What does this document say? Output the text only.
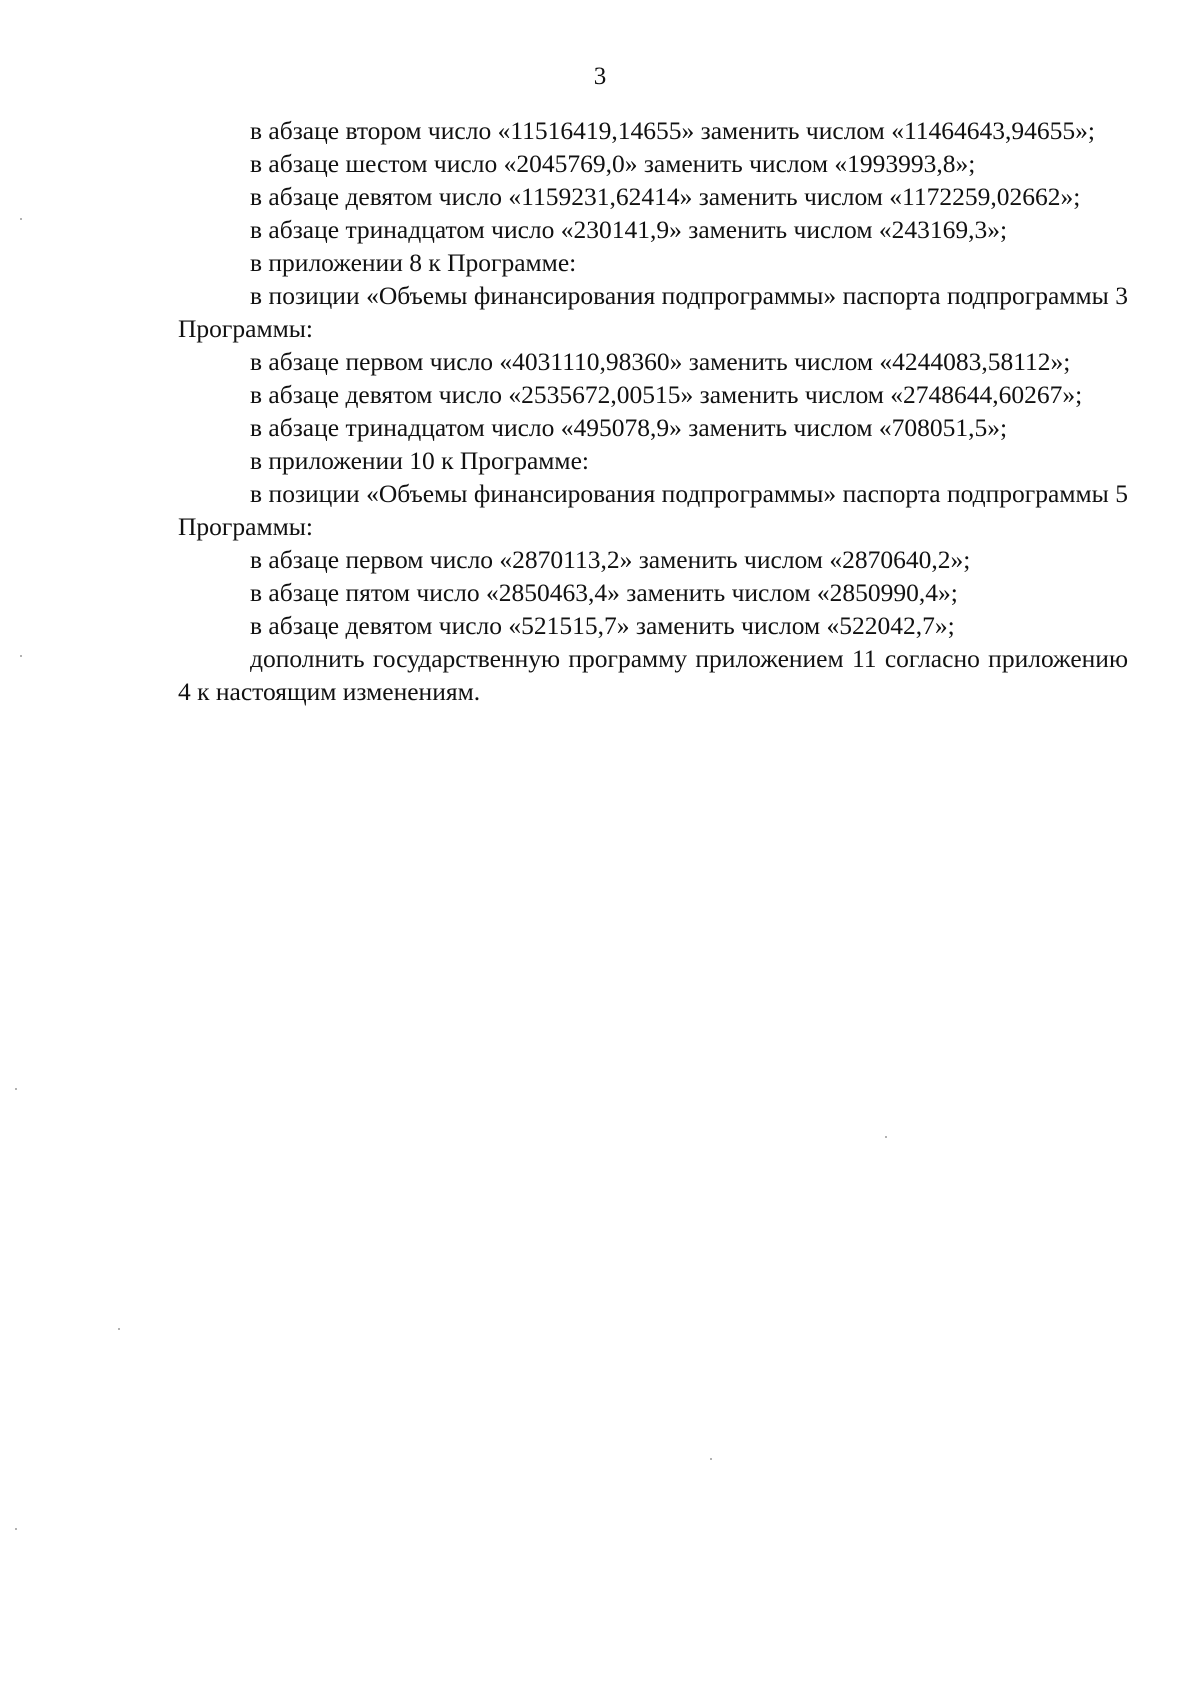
3

в абзаце втором число «11516419,14655» заменить числом «11464643,94655»;

в абзаце шестом число «2045769,0» заменить числом «1993993,8»;

в абзаце девятом число «1159231,62414» заменить числом «1172259,02662»;

в абзаце тринадцатом число «230141,9» заменить числом «243169,3»;

в приложении 8 к Программе:

в позиции «Объемы финансирования подпрограммы» паспорта подпрограммы 3 Программы:

в абзаце первом число «4031110,98360» заменить числом «4244083,58112»;

в абзаце девятом число «2535672,00515» заменить числом «2748644,60267»;

в абзаце тринадцатом число «495078,9» заменить числом «708051,5»;

в приложении 10 к Программе:

в позиции «Объемы финансирования подпрограммы» паспорта подпрограммы 5 Программы:

в абзаце первом число «2870113,2» заменить числом «2870640,2»;

в абзаце пятом число «2850463,4» заменить числом «2850990,4»;

в абзаце девятом число «521515,7» заменить числом «522042,7»;

дополнить государственную программу приложением 11 согласно приложению 4 к настоящим изменениям.
